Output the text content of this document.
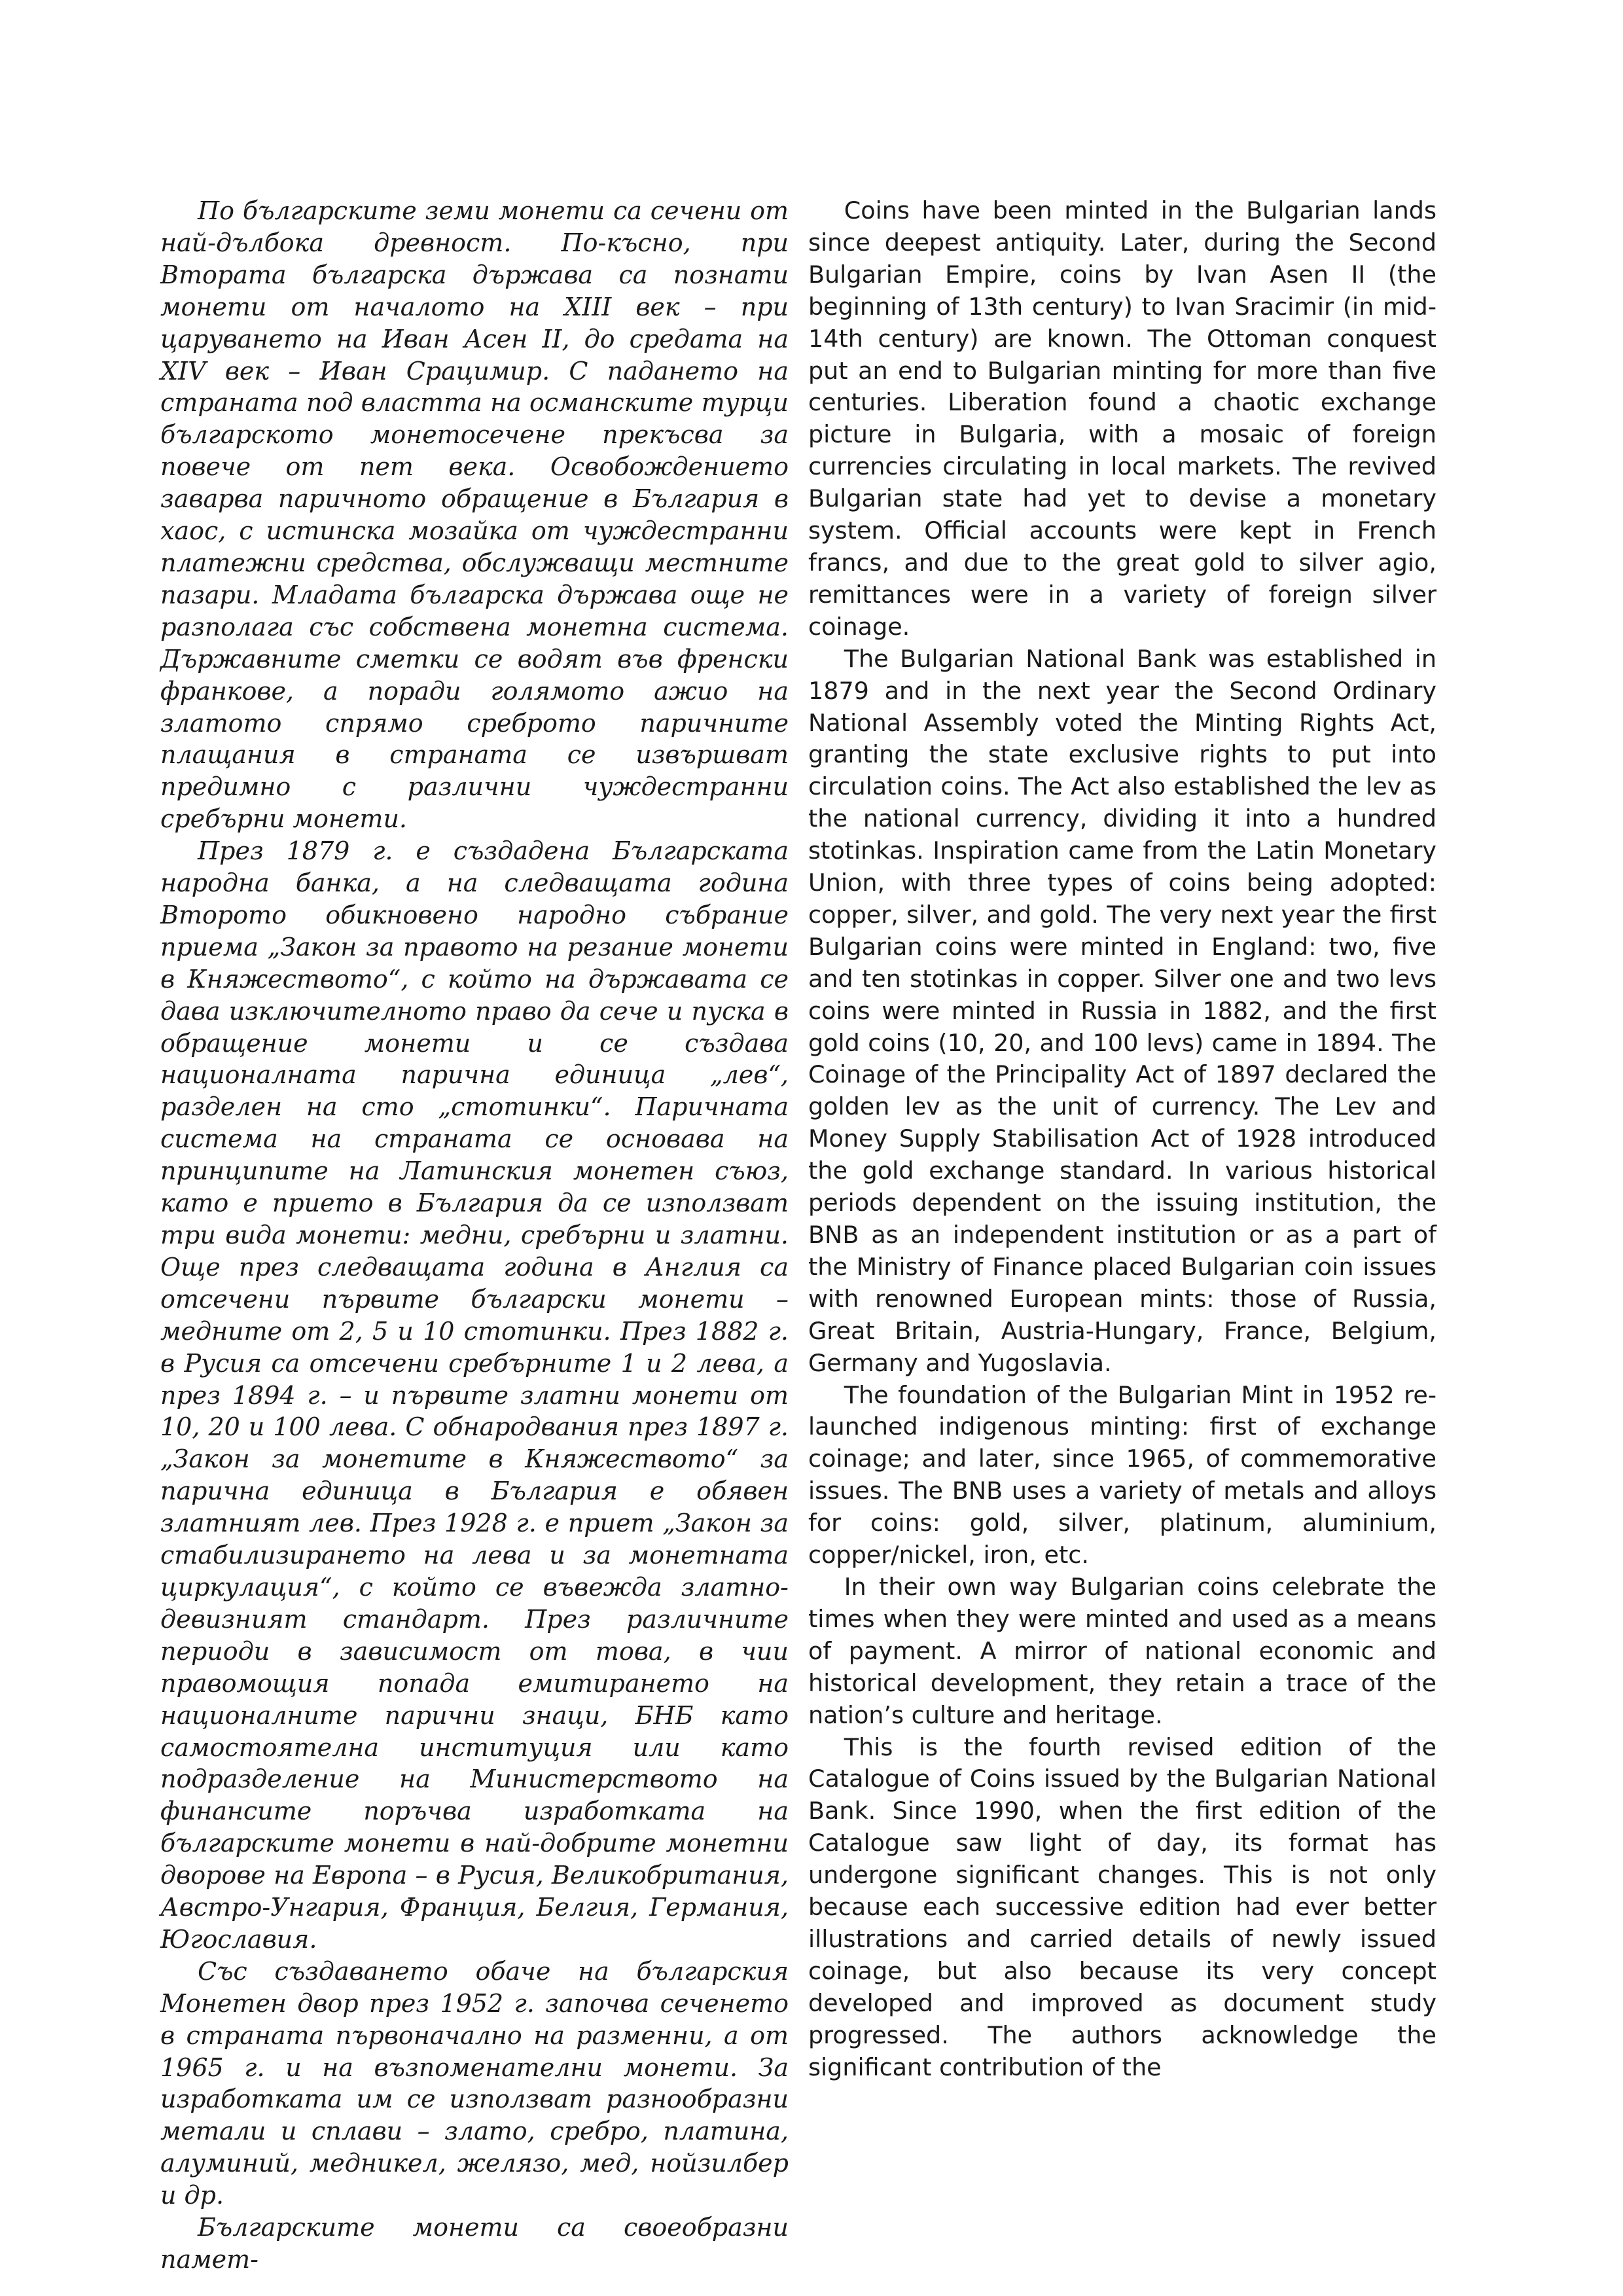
По българските земи монети са сечени от най-дълбока древност. По-късно, при Втората българска държава са познати монети от началото на XIII век – при царуването на Иван Асен II, до средата на XIV век – Иван Срацимир. С падането на страната под властта на османските турци българското монетосечене прекъсва за повече от пет века. Освобождението заварва паричното обращение в България в хаос, с истинска мозайка от чуждестранни платежни средства, обслужващи местните пазари. Младата българска държава още не разполага със собствена монетна система. Държавните сметки се водят във френски франкове, а поради голямото ажио на златото спрямо среброто паричните плащания в страната се извършват предимно с различни чуждестранни сребърни монети.

През 1879 г. е създадена Българската народна банка, а на следващата година Второто обикновено народно събрание приема „Закон за правото на резание монети в Княжеството“, с който на държавата се дава изключителното право да сече и пуска в обращение монети и се създава националната парична единица „лев“, разделен на сто „стотинки“. Паричната система на страната се основава на принципите на Латинския монетен съюз, като е прието в България да се използват три вида монети: медни, сребърни и златни. Още през следващата година в Англия са отсечени първите български монети – медните от 2, 5 и 10 стотинки. През 1882 г. в Русия са отсечени сребърните 1 и 2 лева, а през 1894 г. – и първите златни монети от 10, 20 и 100 лева. С обнародвания през 1897 г. „Закон за монетите в Княжеството“ за парична единица в България е обявен златният лев. През 1928 г. е приет „Закон за стабилизирането на лева и за монетната циркулация“, с който се въвежда златно-девизният стандарт. През различните периоди в зависимост от това, в чии правомощия попада емитирането на националните парични знаци, БНБ като самостоятелна институция или като подразделение на Министерството на финансите поръчва изработката на българските монети в най-добрите монетни дворове на Европа – в Русия, Великобритания, Австро-Унгария, Франция, Белгия, Германия, Югославия.

Със създаването обаче на българския Монетен двор през 1952 г. започва сеченето в страната първоначално на разменни, а от 1965 г. и на възпоменателни монети. За изработката им се използват разнообразни метали и сплави – злато, сребро, платина, алуминий, медникел, желязо, мед, нойзилбер и др.

Българските монети са своеобразни памет-

Coins have been minted in the Bulgarian lands since deepest antiquity. Later, during the Second Bulgarian Empire, coins by Ivan Asen II (the beginning of 13th century) to Ivan Sracimir (in mid-14th century) are known. The Ottoman conquest put an end to Bulgarian minting for more than five centuries. Liberation found a chaotic exchange picture in Bulgaria, with a mosaic of foreign currencies circulating in local markets. The revived Bulgarian state had yet to devise a monetary system. Official accounts were kept in French francs, and due to the great gold to silver agio, remittances were in a variety of foreign silver coinage.

The Bulgarian National Bank was established in 1879 and in the next year the Second Ordinary National Assembly voted the Minting Rights Act, granting the state exclusive rights to put into circulation coins. The Act also established the lev as the national currency, dividing it into a hundred stotinkas. Inspiration came from the Latin Monetary Union, with three types of coins being adopted: copper, silver, and gold. The very next year the first Bulgarian coins were minted in England: two, five and ten stotinkas in copper. Silver one and two levs coins were minted in Russia in 1882, and the first gold coins (10, 20, and 100 levs) came in 1894. The Coinage of the Principality Act of 1897 declared the golden lev as the unit of currency. The Lev and Money Supply Stabilisation Act of 1928 introduced the gold exchange standard. In various historical periods dependent on the issuing institution, the BNB as an independent institution or as a part of the Ministry of Finance placed Bulgarian coin issues with renowned European mints: those of Russia, Great Britain, Austria-Hungary, France, Belgium, Germany and Yugoslavia.

The foundation of the Bulgarian Mint in 1952 re-launched indigenous minting: first of exchange coinage; and later, since 1965, of commemorative issues. The BNB uses a variety of metals and alloys for coins: gold, silver, platinum, aluminium, copper/nickel, iron, etc.

In their own way Bulgarian coins celebrate the times when they were minted and used as a means of payment. A mirror of national economic and historical development, they retain a trace of the nation’s culture and heritage.

This is the fourth revised edition of the Catalogue of Coins issued by the Bulgarian National Bank. Since 1990, when the first edition of the Catalogue saw light of day, its format has undergone significant changes. This is not only because each successive edition had ever better illustrations and carried details of newly issued coinage, but also because its very concept developed and improved as document study progressed. The authors acknowledge the significant contribution of the
